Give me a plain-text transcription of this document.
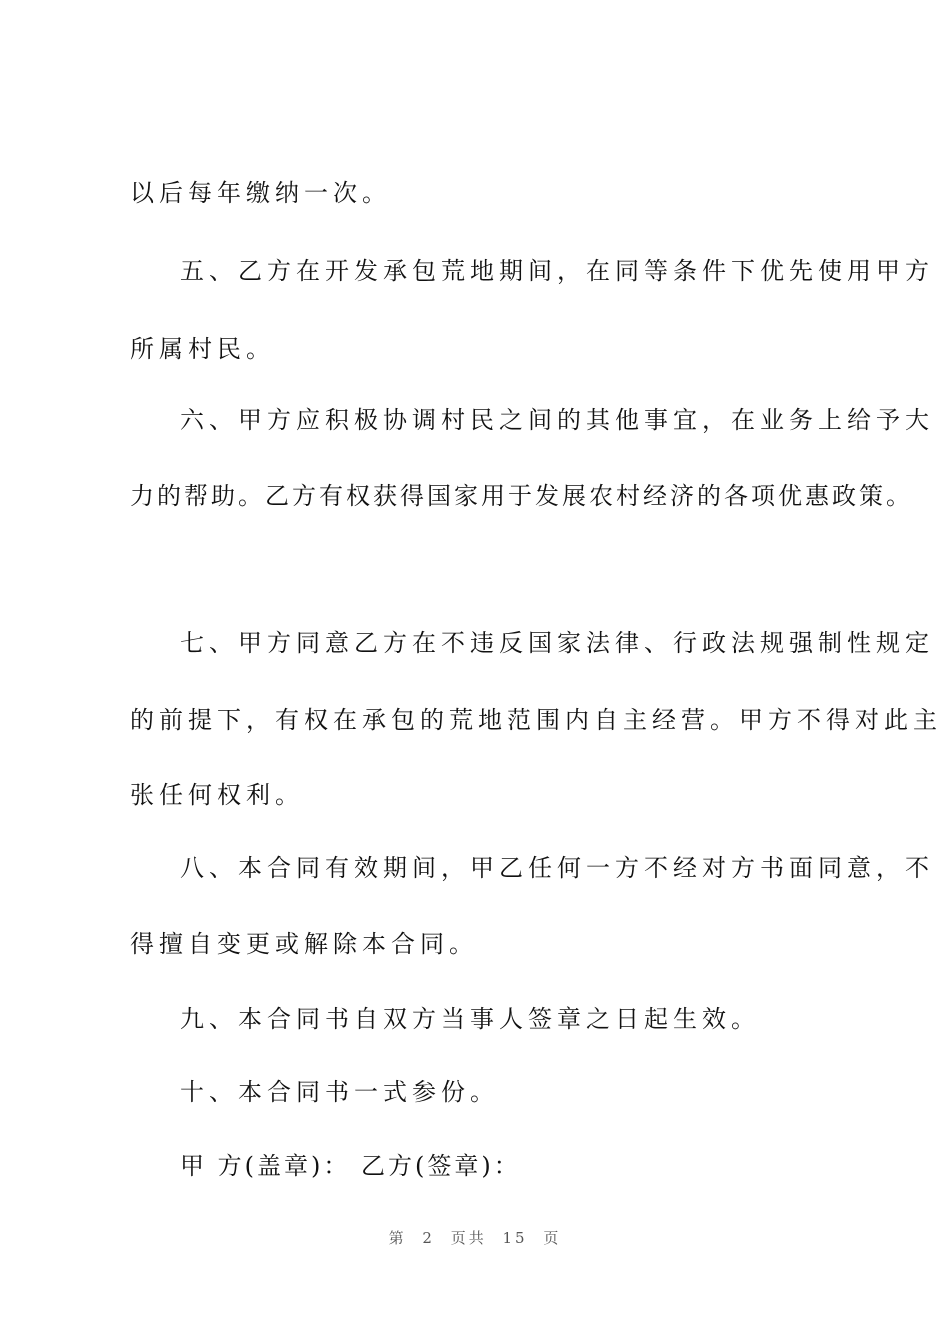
以后每年缴纳一次。

五、乙方在开发承包荒地期间，在同等条件下优先使用甲方

所属村民。

六、甲方应积极协调村民之间的其他事宜，在业务上给予大

力的帮助。乙方有权获得国家用于发展农村经济的各项优惠政策。

七、甲方同意乙方在不违反国家法律、行政法规强制性规定

的前提下，有权在承包的荒地范围内自主经营。甲方不得对此主

张任何权利。

八、本合同有效期间，甲乙任何一方不经对方书面同意，不

得擅自变更或解除本合同。

九、本合同书自双方当事人签章之日起生效。

十、本合同书一式参份。

甲 方(盖章)： 乙方(签章)：

第 2 页共 15 页
